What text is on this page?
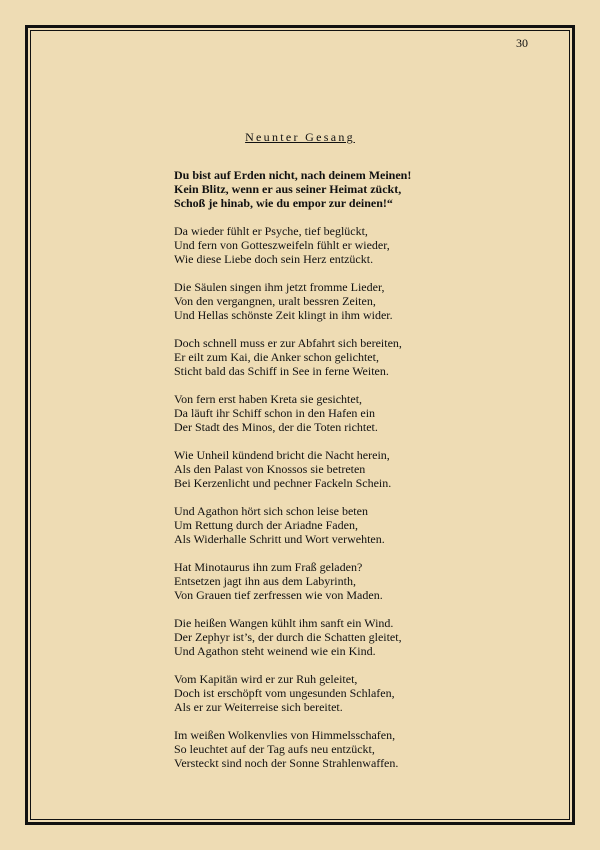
30
Neunter Gesang
Du bist auf Erden nicht, nach deinem Meinen!
Kein Blitz, wenn er aus seiner Heimat zückt,
Schoß je hinab, wie du empor zur deinen!“
Da wieder fühlt er Psyche, tief beglückt,
Und fern von Gotteszweifeln fühlt er wieder,
Wie diese Liebe doch sein Herz entzückt.
Die Säulen singen ihm jetzt fromme Lieder,
Von den vergangnen, uralt bessren Zeiten,
Und Hellas schönste Zeit klingt in ihm wider.
Doch schnell muss er zur Abfahrt sich bereiten,
Er eilt zum Kai, die Anker schon gelichtet,
Sticht bald das Schiff in See in ferne Weiten.
Von fern erst haben Kreta sie gesichtet,
Da läuft ihr Schiff schon in den Hafen ein
Der Stadt des Minos, der die Toten richtet.
Wie Unheil kündend bricht die Nacht herein,
Als den Palast von Knossos sie betreten
Bei Kerzenlicht und pechner Fackeln Schein.
Und Agathon hört sich schon leise beten
Um Rettung durch der Ariadne Faden,
Als Widerhalle Schritt und Wort verwehten.
Hat Minotaurus ihn zum Fraß geladen?
Entsetzen jagt ihn aus dem Labyrinth,
Von Grauen tief zerfressen wie von Maden.
Die heißen Wangen kühlt ihm sanft ein Wind.
Der Zephyr ist’s, der durch die Schatten gleitet,
Und Agathon steht weinend wie ein Kind.
Vom Kapitän wird er zur Ruh geleitet,
Doch ist erschöpft vom ungesunden Schlafen,
Als er zur Weiterreise sich bereitet.
Im weißen Wolkenvlies von Himmelsschafen,
So leuchtet auf der Tag aufs neu entzückt,
Versteckt sind noch der Sonne Strahlenwaffen.
